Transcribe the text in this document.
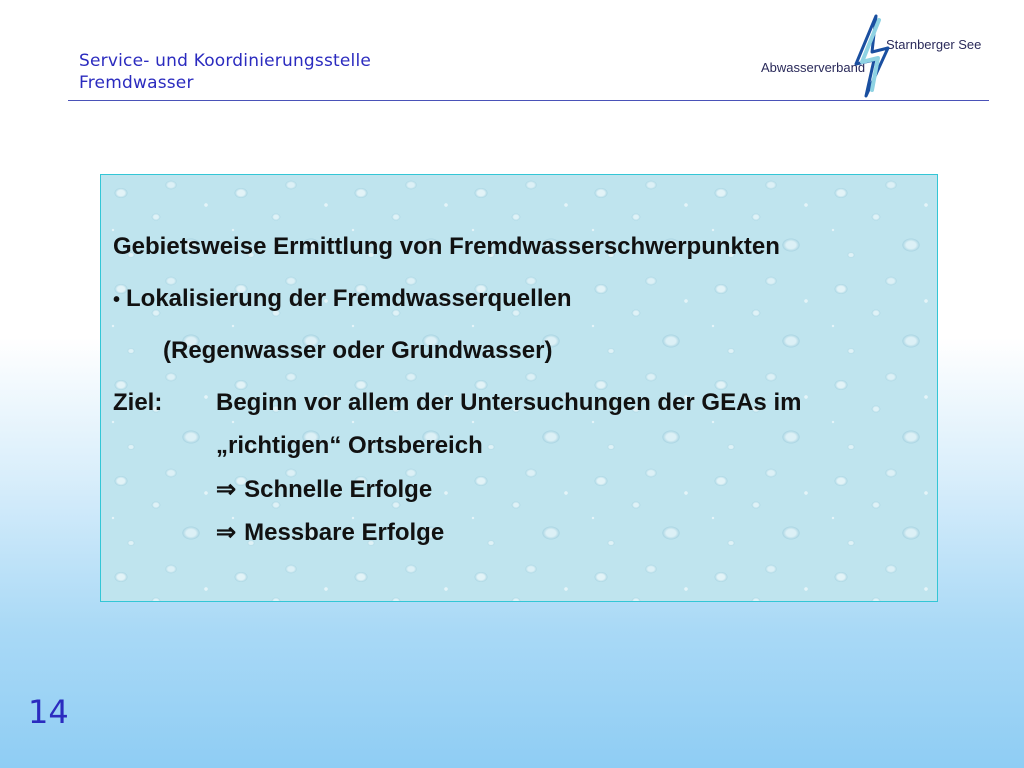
Service- und Koordinierungsstelle
Fremdwasser
Starnberger See
Abwasserverband
Gebietsweise Ermittlung von Fremdwasserschwerpunkten
• Lokalisierung der Fremdwasserquellen
(Regenwasser oder Grundwasser)
Ziel: Beginn vor allem der Untersuchungen der GEAs im
„richtigen“ Ortsbereich
⇒ Schnelle Erfolge
⇒ Messbare Erfolge
14
